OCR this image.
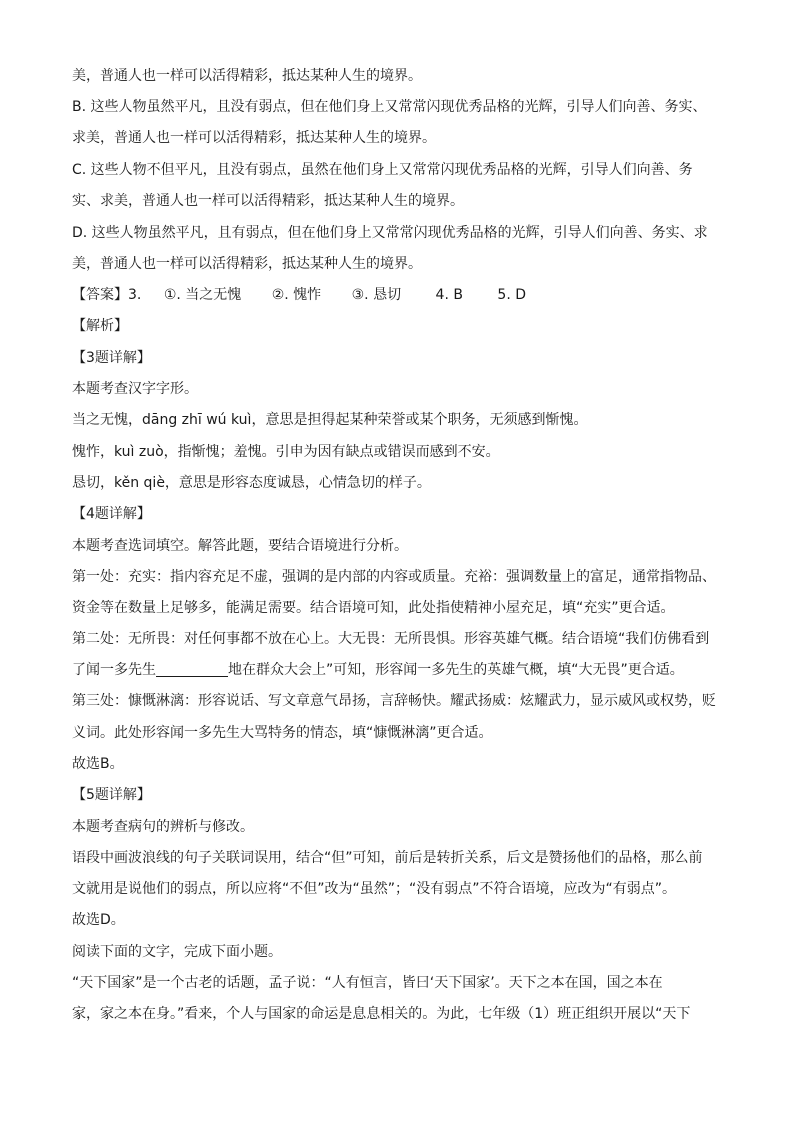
美，普通人也一样可以活得精彩，抵达某种人生的境界。
B. 这些人物虽然平凡，且没有弱点，但在他们身上又常常闪现优秀品格的光辉，引导人们向善、务实、
求美，普通人也一样可以活得精彩，抵达某种人生的境界。
C. 这些人物不但平凡，且没有弱点，虽然在他们身上又常常闪现优秀品格的光辉，引导人们向善、务
实、求美，普通人也一样可以活得精彩，抵达某种人生的境界。
D. 这些人物虽然平凡，且有弱点，但在他们身上又常常闪现优秀品格的光辉，引导人们向善、务实、求
美，普通人也一样可以活得精彩，抵达某种人生的境界。
【答案】3. ①. 当之无愧 ②. 愧怍 ③. 恳切 4. B 5. D
【解析】
【3题详解】
本题考查汉字字形。
当之无愧，dāng zhī wú kuì，意思是担得起某种荣誉或某个职务，无须感到惭愧。
愧怍，kuì zuò，指惭愧；羞愧。引申为因有缺点或错误而感到不安。
恳切，kěn qiè，意思是形容态度诚恳，心情急切的样子。
【4题详解】
本题考查选词填空。解答此题，要结合语境进行分析。
第一处：充实：指内容充足不虚，强调的是内部的内容或质量。充裕：强调数量上的富足，通常指物品、
资金等在数量上足够多，能满足需要。结合语境可知，此处指使精神小屋充足，填“充实”更合适。
第二处：无所畏：对任何事都不放在心上。大无畏：无所畏惧。形容英雄气概。结合语境“我们仿佛看到
了闻一多先生	地在群众大会上”可知，形容闻一多先生的英雄气概，填“大无畏”更合适。
第三处：慷慨淋漓：形容说话、写文章意气昂扬，言辞畅快。耀武扬威：炫耀武力，显示威风或权势，贬
义词。此处形容闻一多先生大骂特务的情态，填“慷慨淋漓”更合适。
故选B。
【5题详解】
本题考查病句的辨析与修改。
语段中画波浪线的句子关联词误用，结合“但”可知，前后是转折关系，后文是赞扬他们的品格，那么前
文就用是说他们的弱点，所以应将“不但”改为“虽然”；“没有弱点”不符合语境，应改为“有弱点”。
故选D。
阅读下面的文字，完成下面小题。
“天下国家”是一个古老的话题，孟子说：“人有恒言，皆曰‘天下国家’。天下之本在国，国之本在
家，家之本在身。”看来，个人与国家的命运是息息相关的。为此，七年级（1）班正组织开展以“天下
